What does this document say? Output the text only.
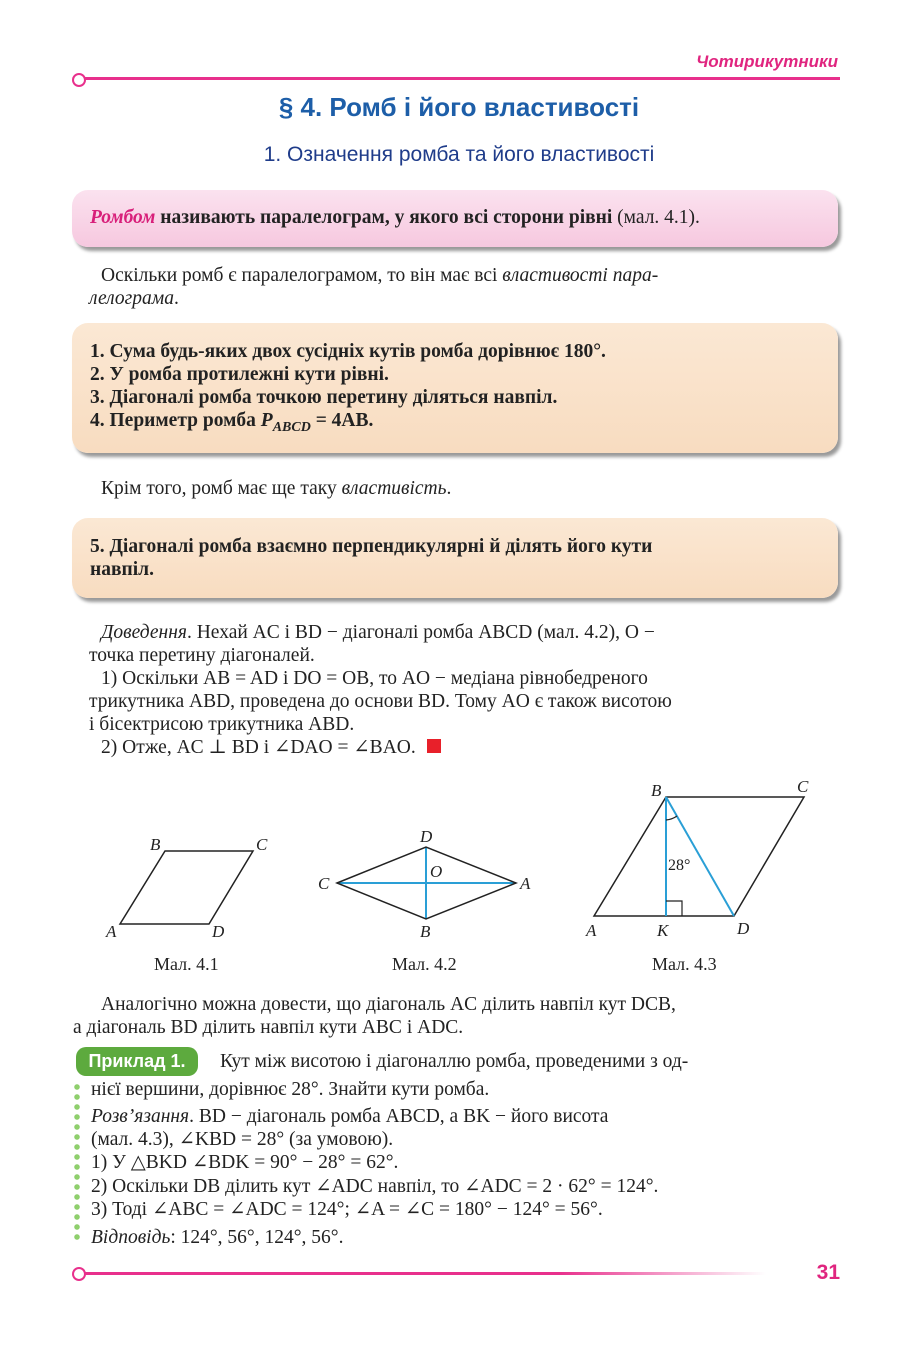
Чотирикутники
§ 4. Ромб і його властивості
1. Означення ромба та його властивості
Ромбом називають паралелограм, у якого всі сторони рівні (мал. 4.1).
Оскільки ромб є паралелограмом, то він має всі властивості пара-
лелограма.
1. Сума будь-яких двох сусідніх кутів ромба дорівнює 180°.
2. У ромба протилежні кути рівні.
3. Діагоналі ромба точкою перетину діляться навпіл.
4. Периметр ромба $P_{ABCD} = 4AB$.
Крім того, ромб має ще таку властивість.
5. Діагоналі ромба взаємно перпендикулярні й ділять його кути
навпіл.
Доведення. Нехай AC і BD − діагоналі ромба ABCD (мал. 4.2), O −
точка перетину діагоналей.
1) Оскільки AB = AD і DO = OB, то AO − медіана рівнобедреного
трикутника ABD, проведена до основи BD. Тому AO є також висотою
і бісектрисою трикутника ABD.
2) Отже, AC ⊥ BD і ∠DAO = ∠BAO.
A
B	C
D
A
B
C
D
O
A
B	C
D
K
28°
Мал. 4.1	Мал. 4.2	Мал. 4.3
Аналогічно можна довести, що діагональ AC ділить навпіл кут DCB,
а діагональ BD ділить навпіл кути ABC і ADC.
Приклад 1.	Кут між висотою і діагоналлю ромба, проведеними з од-
нієї вершини, дорівнює 28°. Знайти кути ромба.
Розв’язання. BD − діагональ ромба ABCD, а BK − його висота
(мал. 4.3), ∠KBD = 28° (за умовою).
1) У △BKD ∠BDK = 90° − 28° = 62°.
2) Оскільки DB ділить кут ∠ADC навпіл, то ∠ADC = 2 · 62° = 124°.
3) Тоді ∠ABC = ∠ADC = 124°; ∠A = ∠C = 180° − 124° = 56°.
Відповідь: 124°, 56°, 124°, 56°.
31
